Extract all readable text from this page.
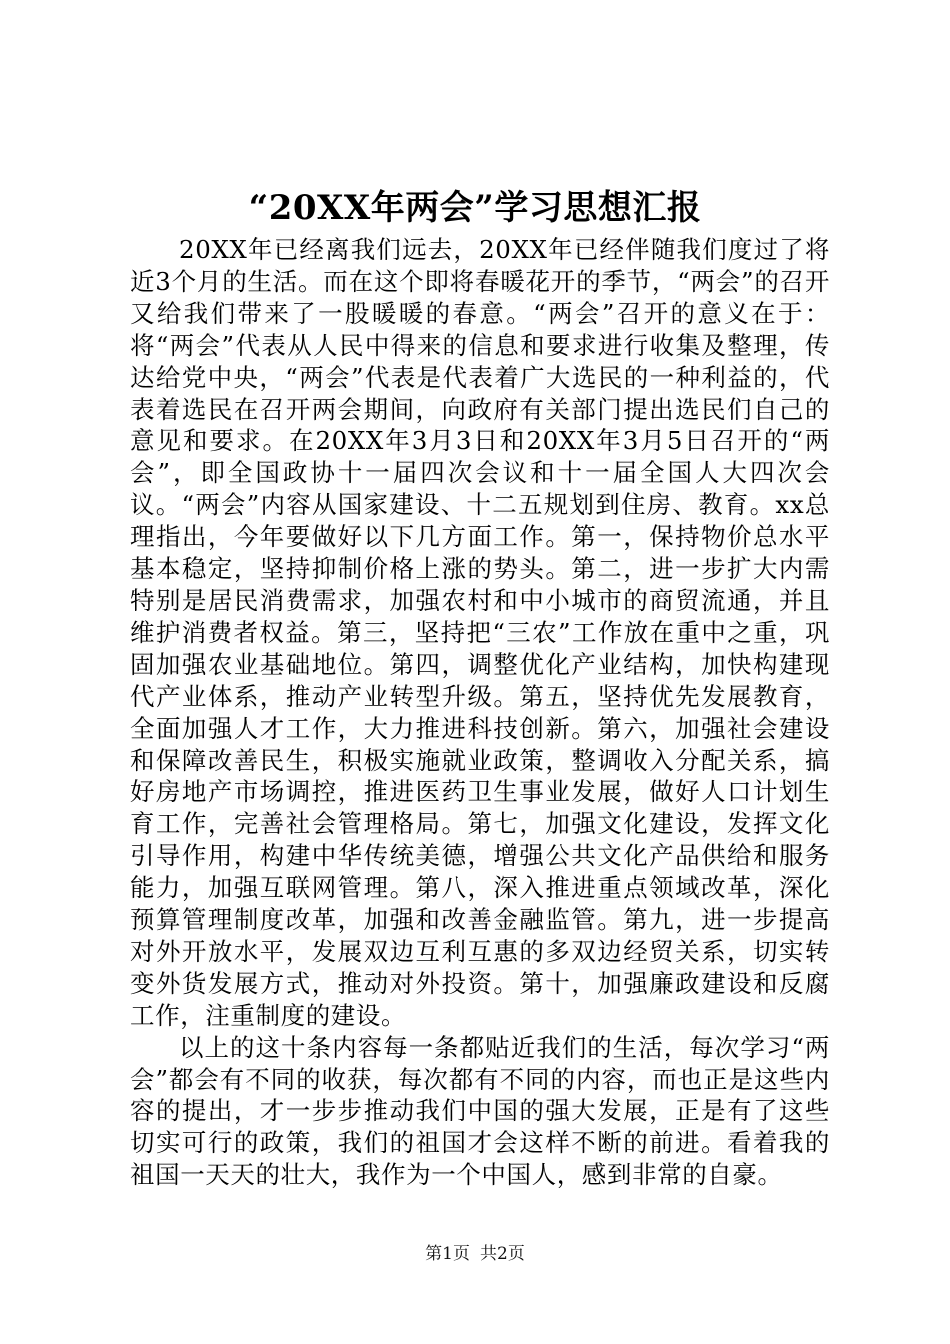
“20XX年两会”学习思想汇报

20XX年已经离我们远去，20XX年已经伴随我们度过了将近3个月的生活。而在这个即将春暖花开的季节，“两会”的召开又给我们带来了一股暖暖的春意。“两会”召开的意义在于：将“两会”代表从人民中得来的信息和要求进行收集及整理，传达给党中央，“两会”代表是代表着广大选民的一种利益的，代表着选民在召开两会期间，向政府有关部门提出选民们自己的意见和要求。在20XX年3月3日和20XX年3月5日召开的“两会”，即全国政协十一届四次会议和十一届全国人大四次会议。“两会”内容从国家建设、十二五规划到住房、教育。xx总理指出，今年要做好以下几方面工作。第一，保持物价总水平基本稳定，坚持抑制价格上涨的势头。第二，进一步扩大内需特别是居民消费需求，加强农村和中小城市的商贸流通，并且维护消费者权益。第三，坚持把“三农”工作放在重中之重，巩固加强农业基础地位。第四，调整优化产业结构，加快构建现代产业体系，推动产业转型升级。第五，坚持优先发展教育，全面加强人才工作，大力推进科技创新。第六，加强社会建设和保障改善民生，积极实施就业政策，整调收入分配关系，搞好房地产市场调控，推进医药卫生事业发展，做好人口计划生育工作，完善社会管理格局。第七，加强文化建设，发挥文化引导作用，构建中华传统美德，增强公共文化产品供给和服务能力，加强互联网管理。第八，深入推进重点领域改革，深化预算管理制度改革，加强和改善金融监管。第九，进一步提高对外开放水平，发展双边互利互惠的多双边经贸关系，切实转变外货发展方式，推动对外投资。第十，加强廉政建设和反腐工作，注重制度的建设。

以上的这十条内容每一条都贴近我们的生活，每次学习“两会”都会有不同的收获，每次都有不同的内容，而也正是这些内容的提出，才一步步推动我们中国的强大发展，正是有了这些切实可行的政策，我们的祖国才会这样不断的前进。看着我的祖国一天天的壮大，我作为一个中国人，感到非常的自豪。

第1页 共2页
